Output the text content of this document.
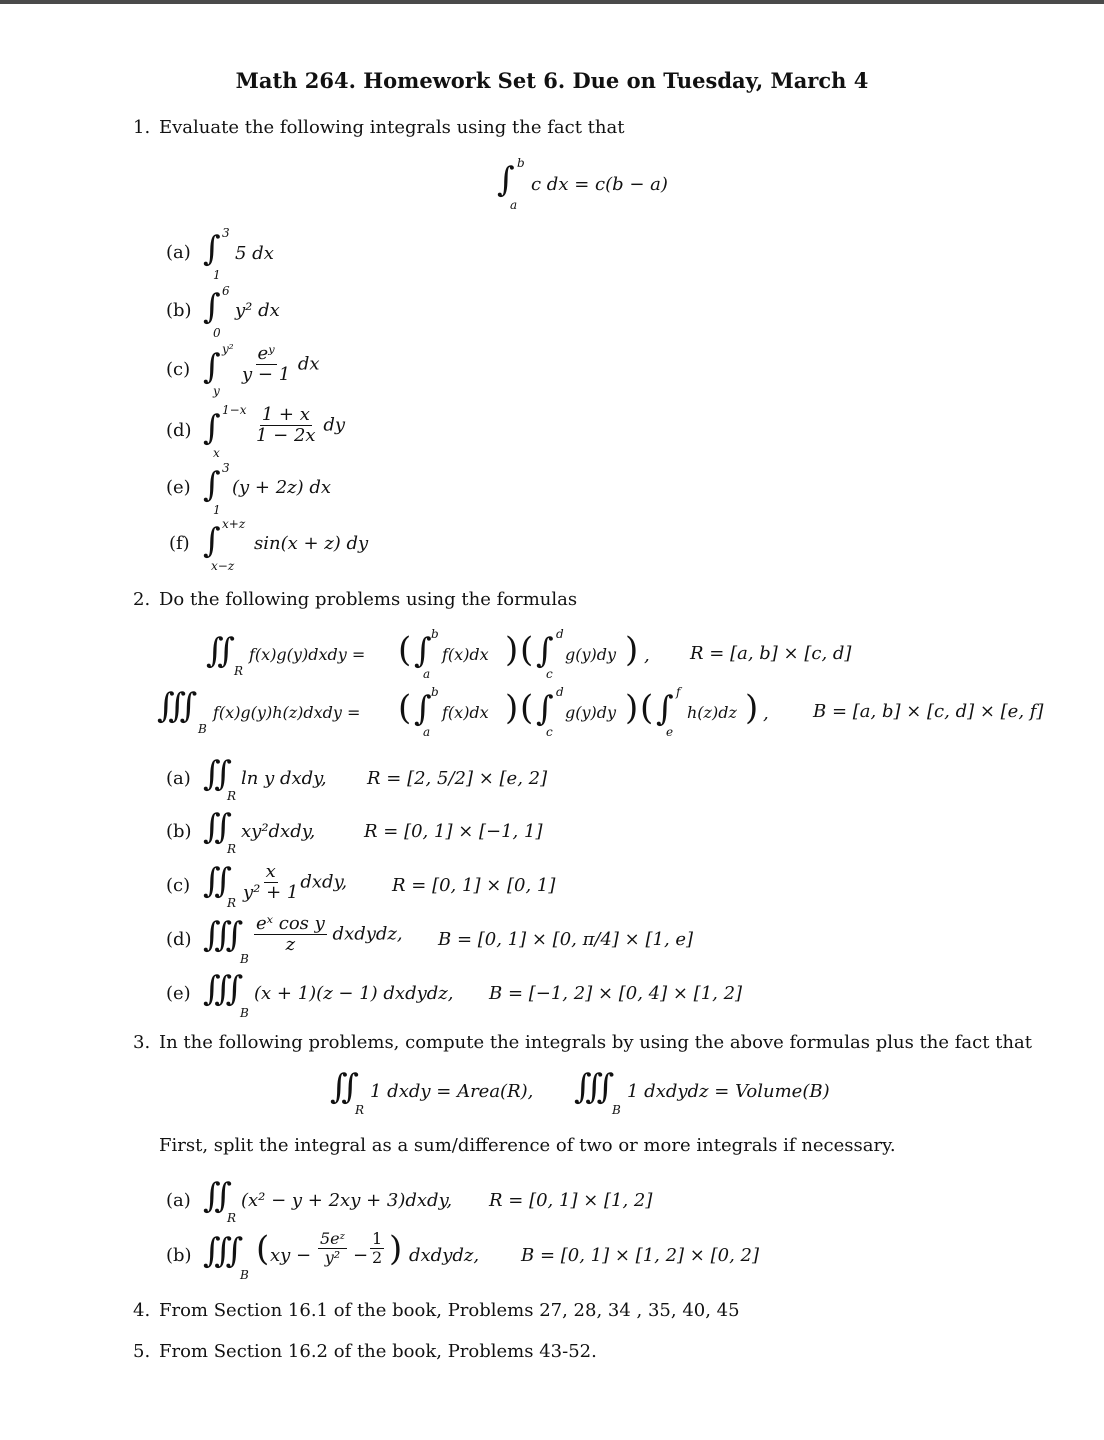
Math 264. Homework Set 6. Due on Tuesday, March 4
1. Evaluate the following integrals using the fact that
∫ b
a
c dx = c(b − a)
(a) ∫ 3
1
5 dx
(b) ∫ 6
0
y² dx
(c) ∫ y²
y
$\frac{\text{eʸ}}{y - 1}$ dx
(d) ∫ 1−x
x
$\frac{1 + x}{1 - 2x}$ dy
(e) ∫ 3
1
(y + 2z) dx
(f) ∫ x+z
x−z
sin(x + z) dy
2. Do the following problems using the formulas
∬ R
f(x)g(y)dxdy = ( ∫ b
a
f(x)dx ) ( ∫ d
c
g(y)dy ) , R = [a, b] × [c, d]
∭
B
f(x)g(y)h(z)dxdy = ( ∫ b
a
f(x)dx ) ( ∫ d
c
g(y)dy ) ( ∫ f
e
h(z)dz ) , B = [a, b] × [c, d] × [e, f]
(a) ∬
R
ln y dxdy, R = [2, 5/2] × [e, 2]
(b) ∬
R
xy²dxdy,	R = [0, 1] × [−1, 1]
(c) ∬
R
$\frac{x}{\text{y² + 1}}$ dxdy, R = [0, 1] × [0, 1]
(d) ∭
B
$\frac{\text{eˣ cos y}}{z}$ dxdydz, B = [0, 1] × [0, π/4] × [1, e]
(e) ∭
B
(x + 1)(z − 1) dxdydz, B = [−1, 2] × [0, 4] × [1, 2]
3. In the following problems, compute the integrals by using the above formulas plus the fact that
∬
R
1 dxdy = Area(R), ∭
B
1 dxdydz = Volume(B)
First, split the integral as a sum/difference of two or more integrals if necessary.
(a) ∬
R
(x² − y + 2xy + 3)dxdy, R = [0, 1] × [1, 2]
(b) ∭
B
( xy − $\frac{\text{5eᶻ}}{\text{y²}} - \frac{1}{2}$ ) dxdydz, B = [0, 1] × [1, 2] × [0, 2]
4. From Section 16.1 of the book, Problems 27, 28, 34 , 35, 40, 45
5. From Section 16.2 of the book, Problems 43-52.
